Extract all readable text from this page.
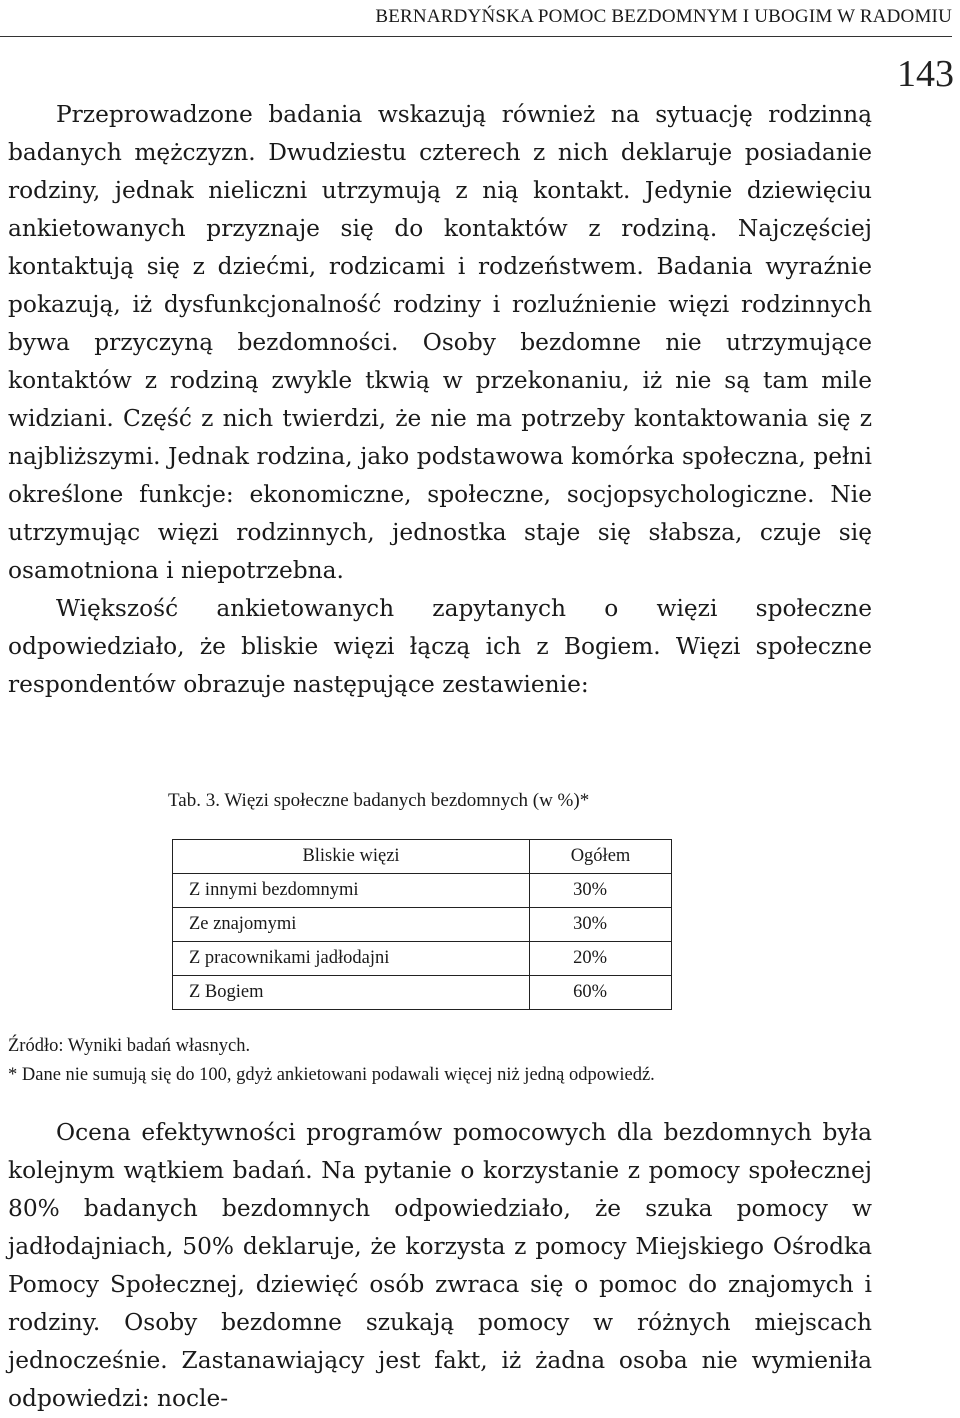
BERNARDYŃSKA POMOC BEZDOMNYM I UBOGIM W RADOMIU
143

Przeprowadzone badania wskazują również na sytuację rodzinną badanych mężczyzn. Dwudziestu czterech z nich deklaruje posiadanie rodziny, jednak nieliczni utrzymują z nią kontakt. Jedynie dziewięciu ankietowanych przyznaje się do kontaktów z rodziną. Najczęściej kontaktują się z dziećmi, rodzicami i rodzeństwem. Badania wyraźnie pokazują, iż dysfunkcjonalność rodziny i rozluźnienie więzi rodzinnych bywa przyczyną bezdomności. Osoby bezdomne nie utrzymujące kontaktów z rodziną zwykle tkwią w przekonaniu, iż nie są tam mile widziani. Część z nich twierdzi, że nie ma potrzeby kontaktowania się z najbliższymi. Jednak rodzina, jako podstawowa komórka społeczna, pełni określone funkcje: ekonomiczne, społeczne, socjopsychologiczne. Nie utrzymując więzi rodzinnych, jednostka staje się słabsza, czuje się osamotniona i niepotrzebna.

Większość ankietowanych zapytanych o więzi społeczne odpowiedziało, że bliskie więzi łączą ich z Bogiem. Więzi społeczne respondentów obrazuje następujące zestawienie:

Tab. 3. Więzi społeczne badanych bezdomnych (w %)*
Bliskie więzi	Ogółem
Z innymi bezdomnymi	30%
Ze znajomymi	30%
Z pracownikami jadłodajni	20%
Z Bogiem	60%
Źródło: Wyniki badań własnych.
* Dane nie sumują się do 100, gdyż ankietowani podawali więcej niż jedną odpowiedź.

Ocena efektywności programów pomocowych dla bezdomnych była kolejnym wątkiem badań. Na pytanie o korzystanie z pomocy społecznej 80% badanych bezdomnych odpowiedziało, że szuka pomocy w jadłodajniach, 50% deklaruje, że korzysta z pomocy Miejskiego Ośrodka Pomocy Społecznej, dziewięć osób zwraca się o pomoc do znajomych i rodziny. Osoby bezdomne szukają pomocy w różnych miejscach jednocześnie. Zastanawiający jest fakt, iż żadna osoba nie wymieniła odpowiedzi: nocle-
